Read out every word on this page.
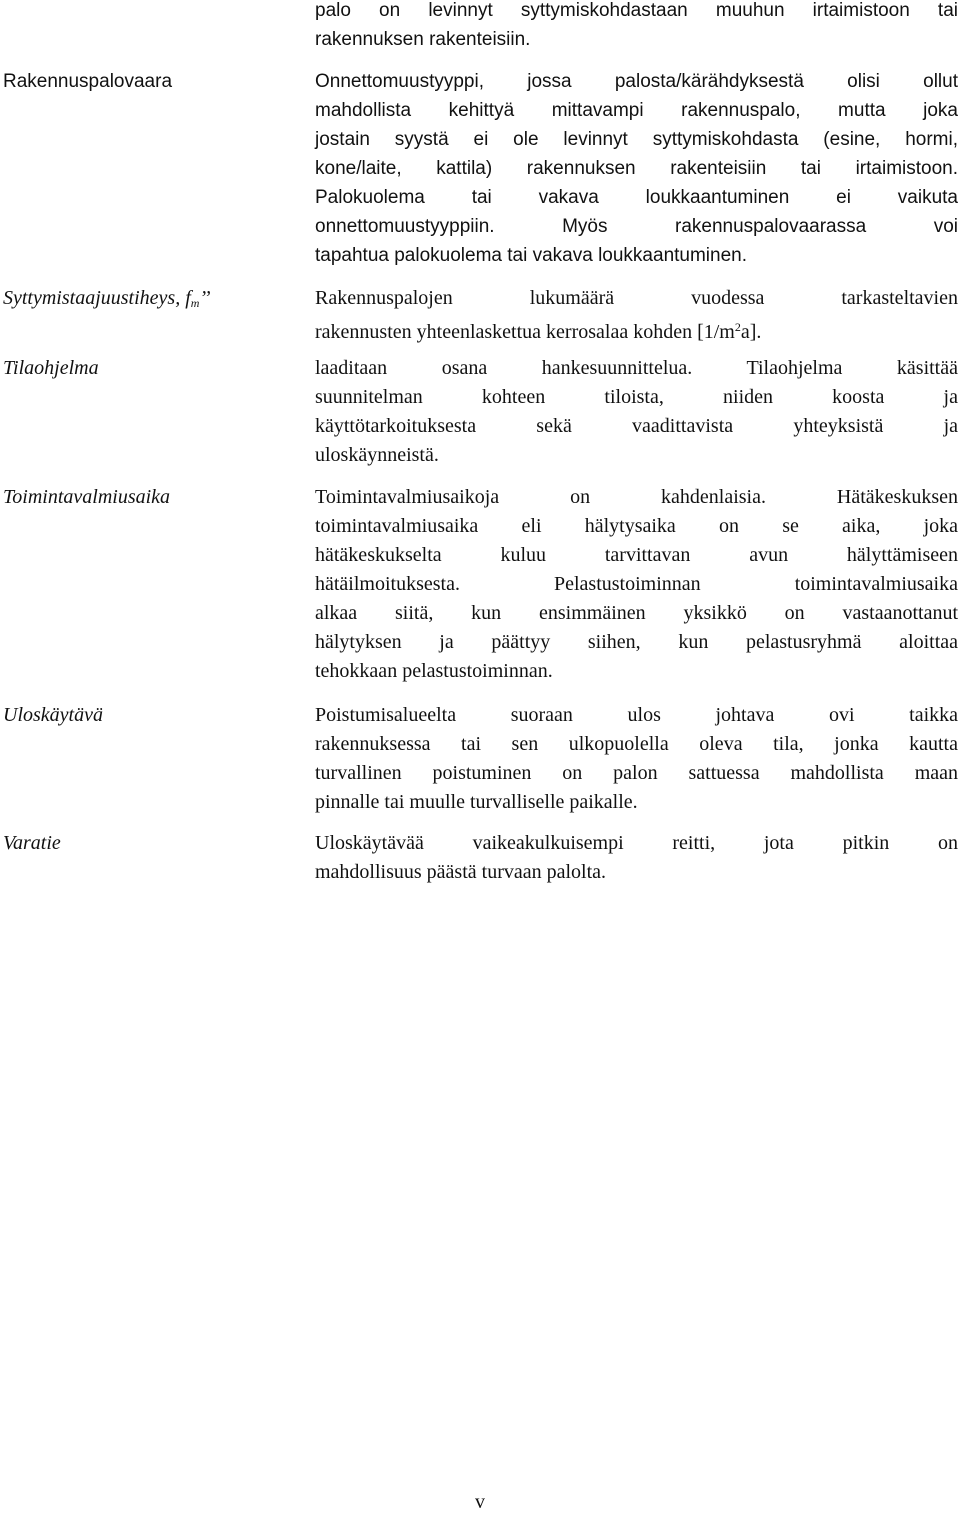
palo on levinnyt syttymiskohdastaan muuhun irtaimistoon tai
rakennuksen rakenteisiin.
Rakennuspalovaara	Onnettomuustyyppi, jossa palosta/kärähdyksestä olisi ollut
mahdollista kehittyä mittavampi rakennuspalo, mutta joka
jostain syystä ei ole levinnyt syttymiskohdasta (esine, hormi,
kone/laite, kattila) rakennuksen rakenteisiin tai irtaimistoon.
Palokuolema tai vakava loukkaantuminen ei vaikuta
onnettomuustyyppiin. Myös rakennuspalovaarassa voi
tapahtua palokuolema tai vakava loukkaantuminen.
Syttymistaajuustiheys, $f_m$’’	Rakennuspalojen lukumäärä vuodessa tarkasteltavien
rakennusten yhteenlaskettua kerrosalaa kohden $[1/m^2a]$.
Tilaohjelma	laaditaan osana hankesuunnittelua. Tilaohjelma käsittää
suunnitelman kohteen tiloista, niiden koosta ja
käyttötarkoituksesta sekä vaadittavista yhteyksistä ja
uloskäynneistä.
Toimintavalmiusaika	Toimintavalmiusaikoja on kahdenlaisia. Hätäkeskuksen
toimintavalmiusaika eli hälytysaika on se aika, joka
hätäkeskukselta kuluu tarvittavan avun hälyttämiseen
hätäilmoituksesta. Pelastustoiminnan toimintavalmiusaika
alkaa siitä, kun ensimmäinen yksikkö on vastaanottanut
hälytyksen ja päättyy siihen, kun pelastusryhmä aloittaa
tehokkaan pelastustoiminnan.
Uloskäytävä	Poistumisalueelta suoraan ulos johtava ovi taikka
rakennuksessa tai sen ulkopuolella oleva tila, jonka kautta
turvallinen poistuminen on palon sattuessa mahdollista maan
pinnalle tai muulle turvalliselle paikalle.
Varatie	Uloskäytävää vaikeakulkuisempi reitti, jota pitkin on
mahdollisuus päästä turvaan palolta.
v
